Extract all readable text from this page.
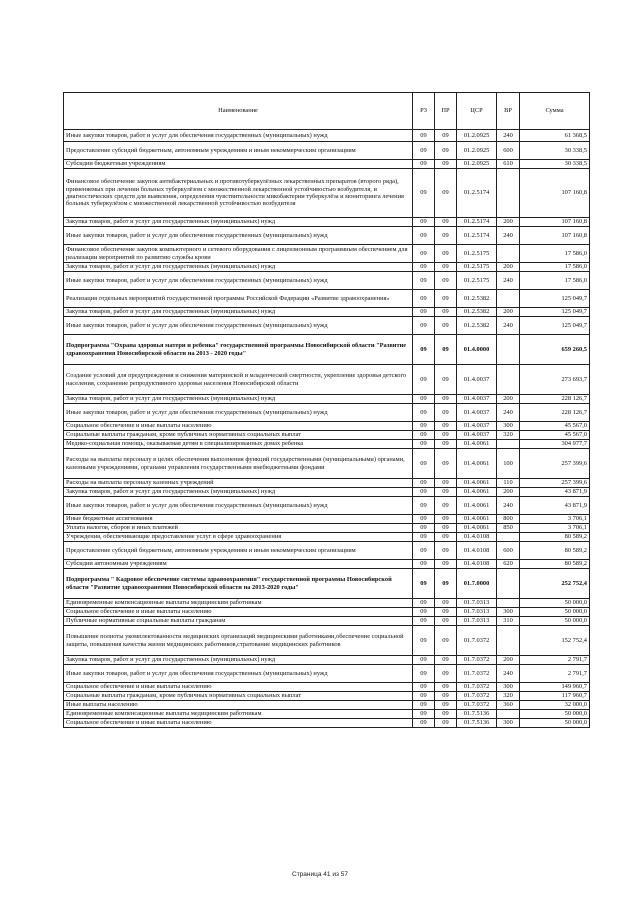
Наименование	РЗ	ПР	ЦСР	ВР	Сумма
Иные закупки товаров, работ и услуг для обеспечения государственных (муниципальных) нужд	09	09	01.2.0925	240	61 368,5
Предоставление субсидий бюджетным, автономным учреждениям и иным некоммерческим организациям	09	09	01.2.0925	600	30 338,5
Субсидии бюджетным учреждениям	09	09	01.2.0925	610	30 338,5
Финансовое обеспечение закупок антибактериальных и противотуберкулёзных лекарственных препаратов (второго ряда), применяемых при лечении больных туберкулёзом с множественной лекарственной устойчивостью возбудителя, и диагностических средств для выявления, определения чувствительности микобактерии туберкулёза и мониторинга лечения больных туберкулёзом с множественной лекарственной устойчивостью возбудителя	09	09	01.2.5174		107 160,8
Закупка товаров, работ и услуг для государственных (муниципальных) нужд	09	09	01.2.5174	200	107 160,8
Иные закупки товаров, работ и услуг для обеспечения государственных (муниципальных) нужд	09	09	01.2.5174	240	107 160,8
Финансовое обеспечение закупок компьютерного и сетевого оборудования с лицензионным программным обеспечением для реализации мероприятий по развитию службы крови	09	09	01.2.5175		17 586,0
Закупка товаров, работ и услуг для государственных (муниципальных) нужд	09	09	01.2.5175	200	17 586,0
Иные закупки товаров, работ и услуг для обеспечения государственных (муниципальных) нужд	09	09	01.2.5175	240	17 586,0
Реализация отдельных мероприятий государственной программы Российской Федерации «Развитие здравоохранения»	09	09	01.2.5382		125 049,7
Закупка товаров, работ и услуг для государственных (муниципальных) нужд	09	09	01.2.5382	200	125 049,7
Иные закупки товаров, работ и услуг для обеспечения государственных (муниципальных) нужд	09	09	01.2.5382	240	125 049,7
Подпрограмма "Охрана здоровья матери и ребенка" государственной программы Новосибирской области "Развитие здравоохранения Новосибирской области на 2013 - 2020 годы"	09	09	01.4.0000		659 260,5
Создание условий для предупреждения и снижения материнской и младенческой смертности, укрепление здоровья детского населения, сохранение репродуктивного здоровья населения Новосибирской области	09	09	01.4.0037		273 693,7
Закупка товаров, работ и услуг для государственных (муниципальных) нужд	09	09	01.4.0037	200	228 126,7
Иные закупки товаров, работ и услуг для обеспечения государственных (муниципальных) нужд	09	09	01.4.0037	240	228 126,7
Социальное обеспечение и иные выплаты населению	09	09	01.4.0037	300	45 567,0
Социальные выплаты гражданам, кроме публичных нормативных социальных выплат	09	09	01.4.0037	320	45 567,0
Медико-социальная помощь, оказываемая детям в специализированных домах ребенка	09	09	01.4.0061		304 977,7
Расходы на выплаты персоналу в целях обеспечения выполнения функций государственными (муниципальными) органами, казенными учреждениями, органами управления государственными внебюджетными фондами	09	09	01.4.0061	100	257 399,6
Расходы на выплаты персоналу казенных учреждений	09	09	01.4.0061	110	257 399,6
Закупка товаров, работ и услуг для государственных (муниципальных) нужд	09	09	01.4.0061	200	43 871,9
Иные закупки товаров, работ и услуг для обеспечения государственных (муниципальных) нужд	09	09	01.4.0061	240	43 871,9
Иные бюджетные ассигнования	09	09	01.4.0061	800	3 706,1
Уплата налогов, сборов и иных платежей	09	09	01.4.0061	850	3 706,1
Учреждения, обеспечивающие предоставление услуг в сфере здравоохранения	09	09	01.4.0108		80 589,2
Предоставление субсидий бюджетным, автономным учреждениям и иным некоммерческим организациям	09	09	01.4.0108	600	80 589,2
Субсидии автономным учреждениям	09	09	01.4.0108	620	80 589,2
Подпрограмма " Кадровое обеспечение системы здравоохранения" государственной программы Новосибирской области "Развитие здравоохранения Новосибирской области на 2013-2020 годы"	09	09	01.7.0000		252 752,4
Единовременные компенсационные выплаты медицинским работникам	09	09	01.7.0313		50 000,0
Социальное обеспечение и иные выплаты населению	09	09	01.7.0313	300	50 000,0
Публичные нормативные социальные выплаты гражданам	09	09	01.7.0313	310	50 000,0
Повышение полноты укомплектованности медицинских организаций медицинскими работниками,обеспечение социальной защиты, повышения качества жизни медицинских работников,стратование медицинских работников	09	09	01.7.0372		152 752,4
Закупка товаров, работ и услуг для государственных (муниципальных) нужд	09	09	01.7.0372	200	2 791,7
Иные закупки товаров, работ и услуг для обеспечения государственных (муниципальных) нужд	09	09	01.7.0372	240	2 791,7
Социальное обеспечение и иные выплаты населению	09	09	01.7.0372	300	149 960,7
Социальные выплаты гражданам, кроме публичных нормативных социальных выплат	09	09	01.7.0372	320	117 960,7
Иные выплаты населению	09	09	01.7.0372	360	32 000,0
Единовременные компенсационные выплаты медицинским работникам	09	09	01.7.5136		50 000,0
Социальное обеспечение и иные выплаты населению	09	09	01.7.5136	300	50 000,0
Страница 41 из 57
